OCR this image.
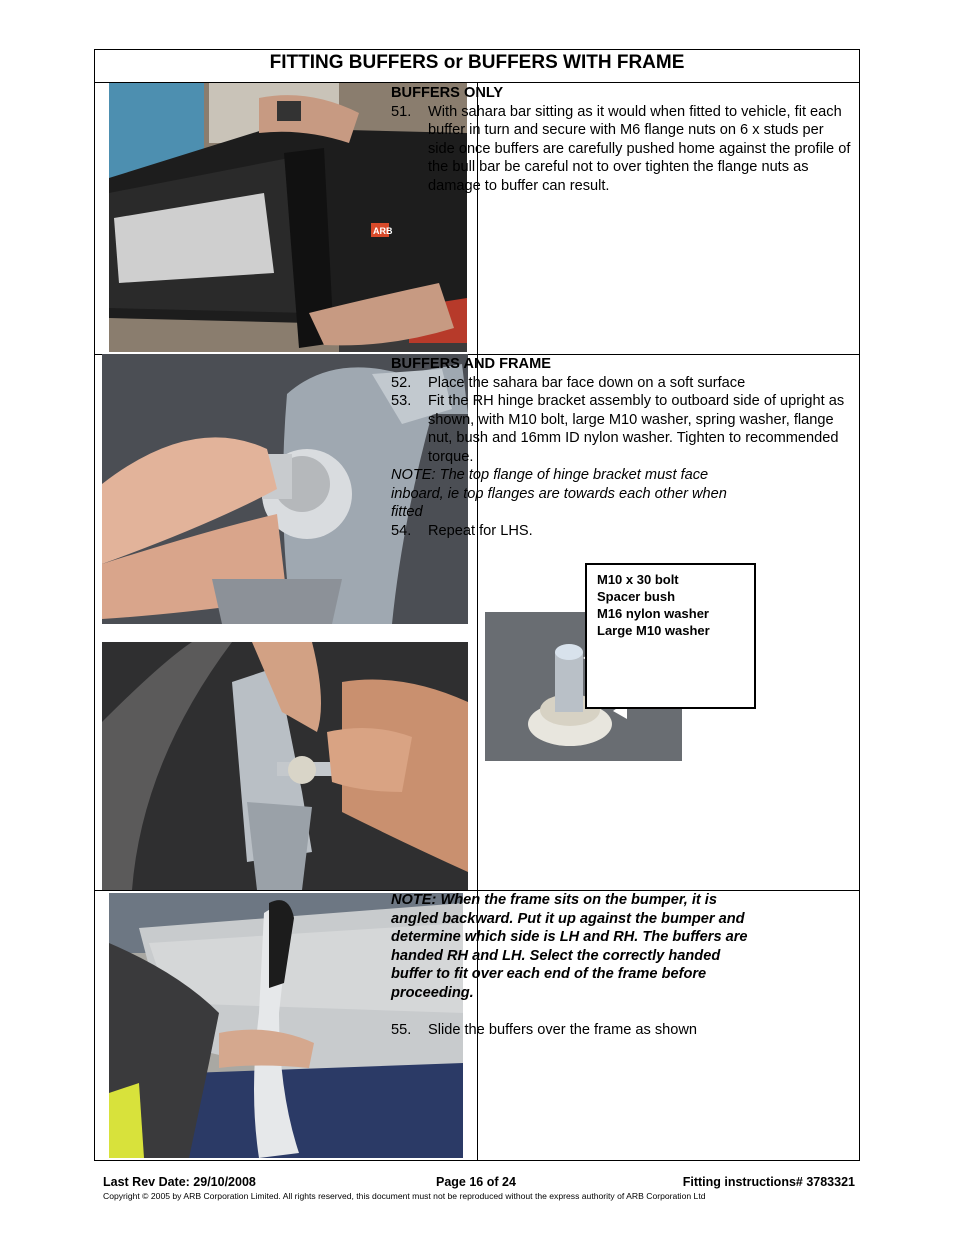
FITTING BUFFERS or BUFFERS WITH FRAME
ARB
BUFFERS ONLY
51.	With sahara bar sitting as it would when fitted to vehicle, fit each buffer in turn and secure with M6 flange nuts on 6 x studs per side once buffers are carefully pushed home against the profile of the bull bar be careful not to over tighten the flange nuts as damage to buffer can result.
BUFFERS AND FRAME
52.	Place the sahara bar face down on a soft surface
53.	Fit the RH hinge bracket assembly to outboard side of upright as shown, with M10 bolt, large M10 washer, spring washer, flange nut, bush and 16mm ID nylon washer. Tighten to recommended torque.
NOTE: The top flange of hinge bracket must face inboard, ie top flanges are towards each other when fitted
54.	Repeat for LHS.
M10 x 30 bolt
Spacer bush
M16 nylon washer
Large M10 washer
NOTE: When the frame sits on the bumper, it is angled backward. Put it up against the bumper and determine which side is LH and RH. The buffers are handed RH and LH. Select the correctly handed buffer to fit over each end of the frame before proceeding.
55.	Slide the buffers over the frame as shown
Last Rev Date: 29/10/2008	Page 16 of 24	Fitting instructions# 3783321
Copyright © 2005 by ARB Corporation Limited. All rights reserved, this document must not be reproduced without the express authority of ARB Corporation Ltd
